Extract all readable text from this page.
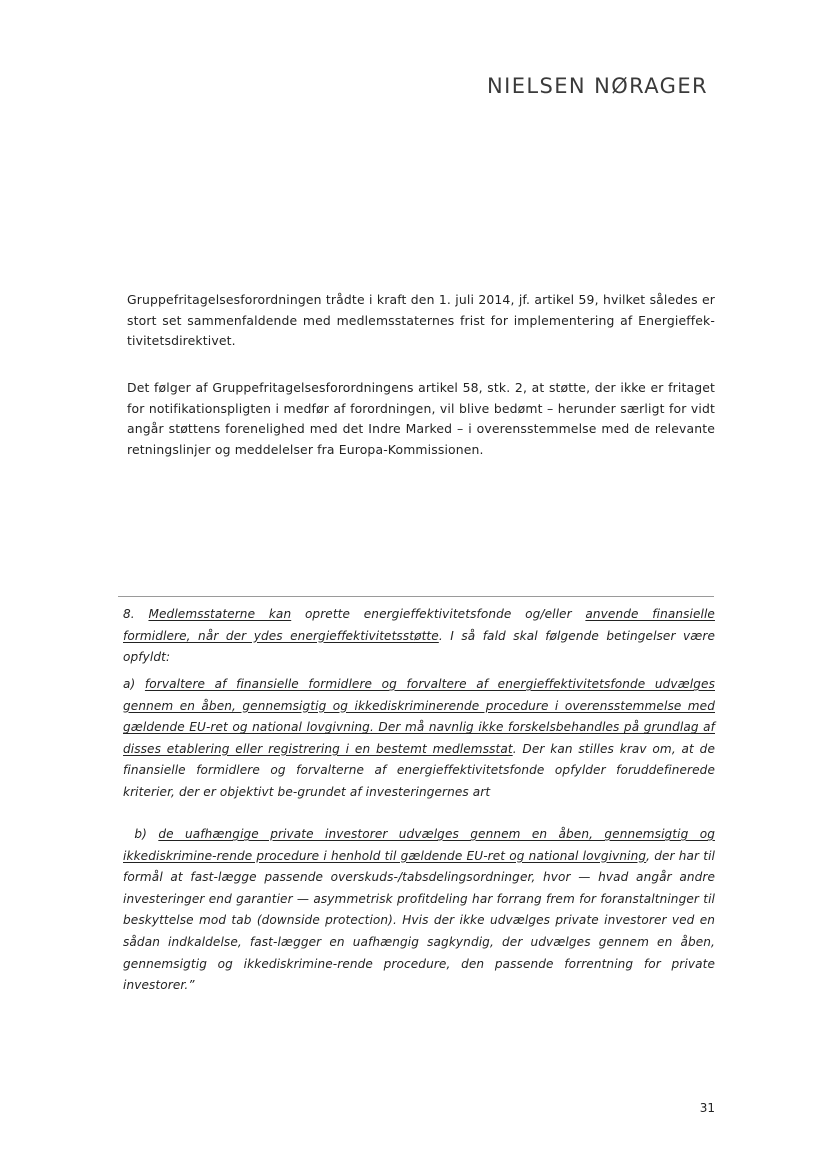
NIELSEN NØRAGER

Gruppefritagelsesforordningen trådte i kraft den 1. juli 2014, jf. artikel 59, hvilket således er stort set sammenfaldende med medlemsstaternes frist for implementering af Energieffek-tivitetsdirektivet.

Det følger af Gruppefritagelsesforordningens artikel 58, stk. 2, at støtte, der ikke er fritaget for notifikationspligten i medfør af forordningen, vil blive bedømt – herunder særligt for vidt angår støttens forenelighed med det Indre Marked – i overensstemmelse med de relevante retningslinjer og meddelelser fra Europa-Kommissionen.

8. Medlemsstaterne kan oprette energieffektivitetsfonde og/eller anvende finansielle formidlere, når der ydes energieffektivitetsstøtte. I så fald skal følgende betingelser være opfyldt:

a) forvaltere af finansielle formidlere og forvaltere af energieffektivitetsfonde udvælges gennem en åben, gennemsigtig og ikkediskriminerende procedure i overensstemmelse med gældende EU-ret og national lovgivning. Der må navnlig ikke forskelsbehandles på grundlag af disses etablering eller registrering i en bestemt medlemsstat. Der kan stilles krav om, at de finansielle formidlere og forvalterne af energieffektivitetsfonde opfylder foruddefinerede kriterier, der er objektivt be-grundet af investeringernes art

b) de uafhængige private investorer udvælges gennem en åben, gennemsigtig og ikkediskrimine-rende procedure i henhold til gældende EU-ret og national lovgivning, der har til formål at fast-lægge passende overskuds-/tabsdelingsordninger, hvor — hvad angår andre investeringer end garantier — asymmetrisk profitdeling har forrang frem for foranstaltninger til beskyttelse mod tab (downside protection). Hvis der ikke udvælges private investorer ved en sådan indkaldelse, fast-lægger en uafhængig sagkyndig, der udvælges gennem en åben, gennemsigtig og ikkediskrimine-rende procedure, den passende forrentning for private investorer.”

31
